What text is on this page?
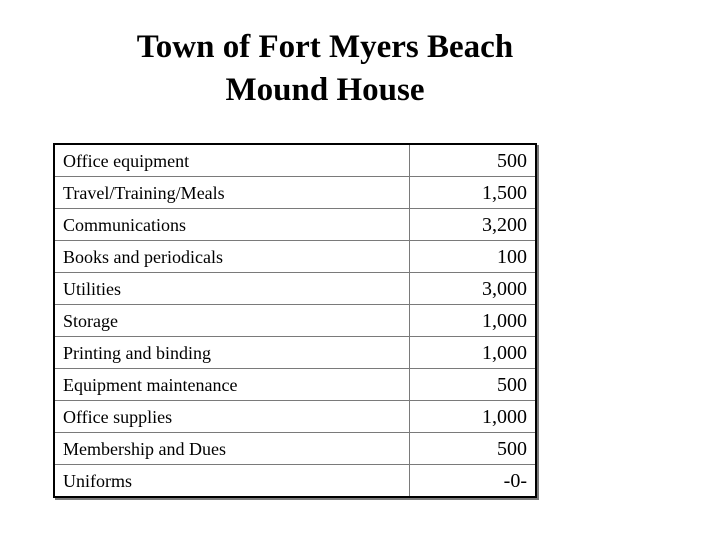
Town of Fort Myers Beach
Mound House
Office equipment	500
Travel/Training/Meals	1,500
Communications	3,200
Books and periodicals	100
Utilities	3,000
Storage	1,000
Printing and binding	1,000
Equipment maintenance	500
Office supplies	1,000
Membership and Dues	500
Uniforms	-0-
